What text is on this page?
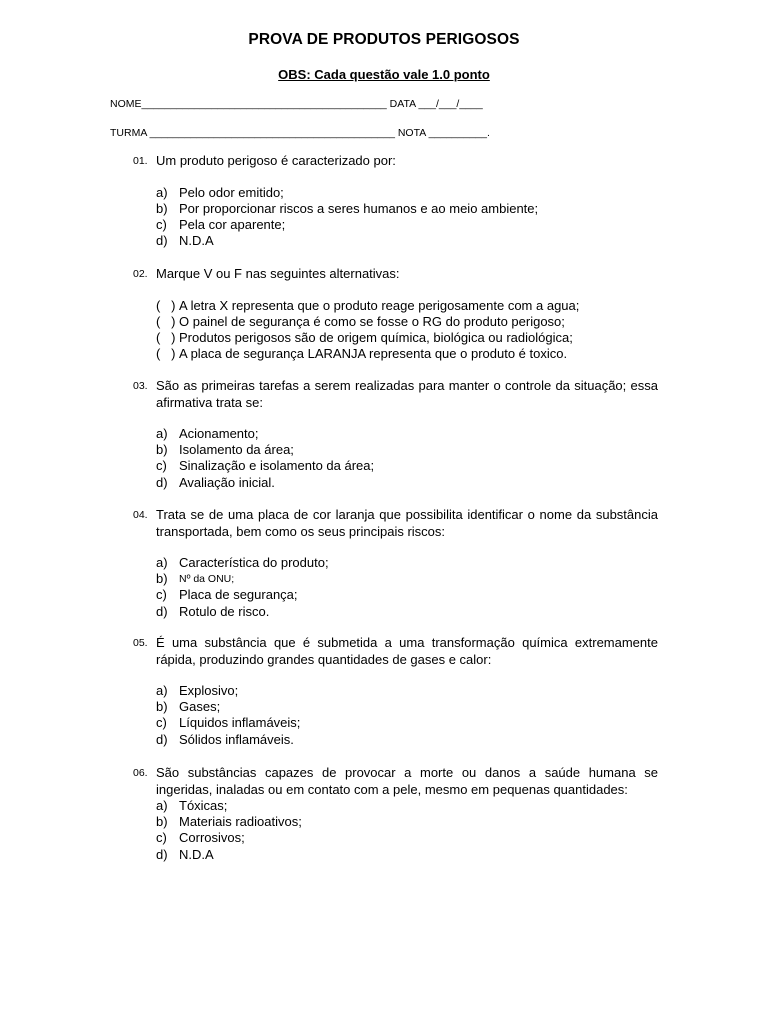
PROVA DE PRODUTOS PERIGOSOS
OBS: Cada questão vale 1.0 ponto
NOME__________________________________________ DATA ___/___/____
TURMA __________________________________________ NOTA __________.
01. Um produto perigoso é caracterizado por:
a) Pelo odor emitido;
b) Por proporcionar riscos a seres humanos e ao meio ambiente;
c) Pela cor aparente;
d) N.D.A
02. Marque V ou F nas seguintes alternativas:
(   ) A letra X representa que o produto reage perigosamente com a agua;
(   ) O painel de segurança é como se fosse o RG do produto perigoso;
(   ) Produtos perigosos são de origem química, biológica ou radiológica;
(   ) A placa de segurança LARANJA representa que o produto é toxico.
03. São as primeiras tarefas a serem realizadas para manter o controle da situação; essa afirmativa trata se:
a) Acionamento;
b) Isolamento da área;
c) Sinalização e isolamento da área;
d) Avaliação inicial.
04. Trata se de uma placa de cor laranja que possibilita identificar o nome da substância transportada, bem como os seus principais riscos:
a) Característica do produto;
b)	Nº da ONU;
c) Placa de segurança;
d) Rotulo de risco.
05. É uma substância que é submetida a uma transformação química extremamente rápida, produzindo grandes quantidades de gases e calor:
a) Explosivo;
b) Gases;
c) Líquidos inflamáveis;
d) Sólidos inflamáveis.
06. São substâncias capazes de provocar a morte ou danos a saúde humana se ingeridas, inaladas ou em contato com a pele, mesmo em pequenas quantidades:
a) Tóxicas;
b) Materiais radioativos;
c) Corrosivos;
d) N.D.A
